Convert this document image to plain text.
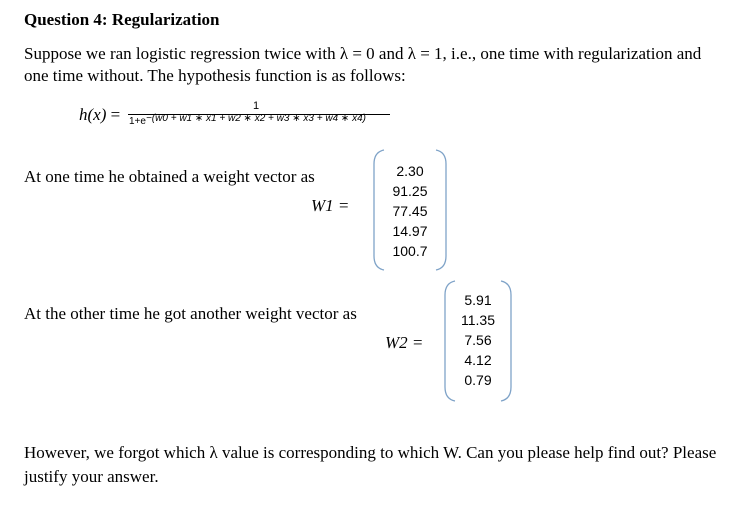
Question 4: Regularization
Suppose we ran logistic regression twice with λ = 0 and λ = 1, i.e., one time with regularization and one time without. The hypothesis function is as follows:
h(x) =	1
1+e−(w0 + w1 ∗ x1 + w2 ∗ x2 + w3 ∗ x3 + w4 ∗ x4)
At one time he obtained a weight vector as
W1 =
2.30
91.25
77.45
14.97
100.7
At the other time he got another weight vector as
W2 =
5.91
11.35
7.56
4.12
0.79
However, we forgot which λ value is corresponding to which W. Can you please help find out? Please justify your answer.
